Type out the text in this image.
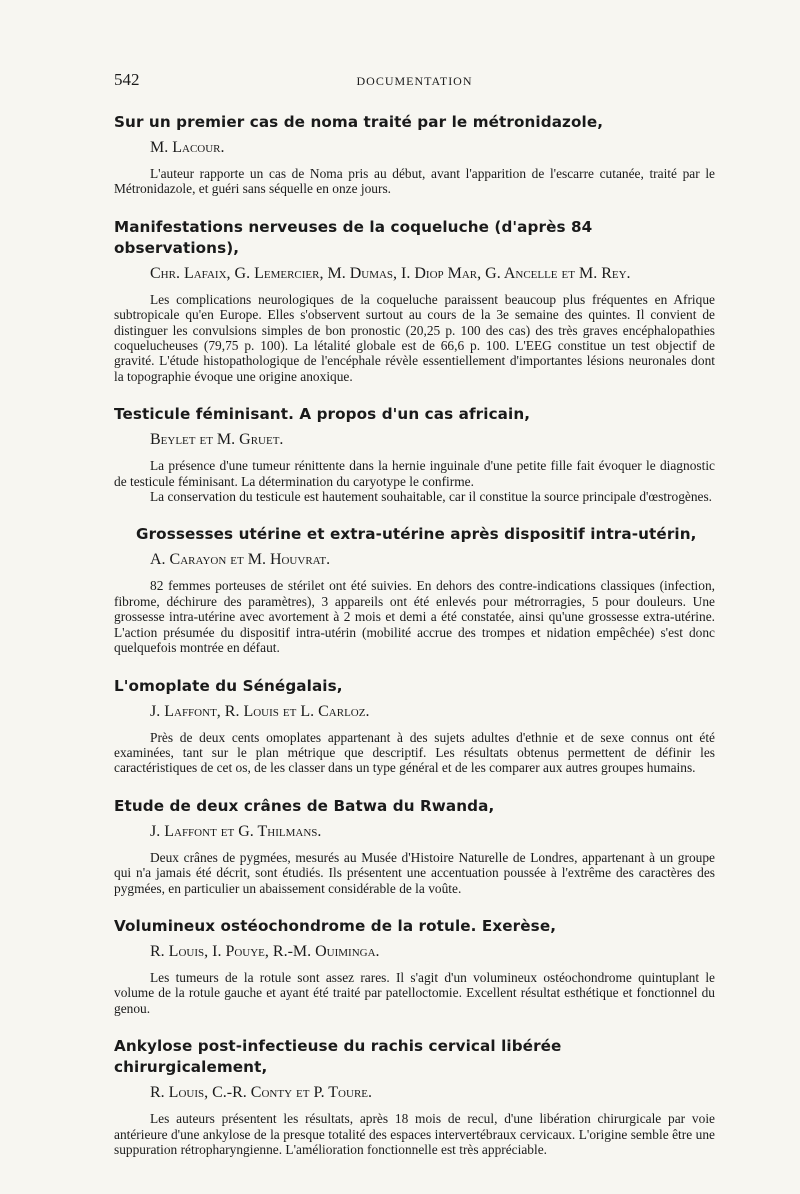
542	DOCUMENTATION
Sur un premier cas de noma traité par le métronidazole,
M. Lacour.

L'auteur rapporte un cas de Noma pris au début, avant l'apparition de l'escarre cutanée, traité par le Métronidazole, et guéri sans séquelle en onze jours.

Manifestations nerveuses de la coqueluche (d'après 84 observations),
Chr. Lafaix, G. Lemercier, M. Dumas, I. Diop Mar, G. Ancelle et M. Rey.

Les complications neurologiques de la coqueluche paraissent beaucoup plus fréquentes en Afrique subtropicale qu'en Europe. Elles s'observent surtout au cours de la 3e semaine des quintes. Il convient de distinguer les convulsions simples de bon pronostic (20,25 p. 100 des cas) des très graves encéphalopathies coquelucheuses (79,75 p. 100). La létalité globale est de 66,6 p. 100. L'EEG constitue un test objectif de gravité. L'étude histopathologique de l'encéphale révèle essentiellement d'importantes lésions neuronales dont la topographie évoque une origine anoxique.

Testicule féminisant. A propos d'un cas africain,
Beylet et M. Gruet.

La présence d'une tumeur rénittente dans la hernie inguinale d'une petite fille fait évoquer le diagnostic de testicule féminisant. La détermination du caryotype le confirme.

La conservation du testicule est hautement souhaitable, car il constitue la source principale d'œstrogènes.

Grossesses utérine et extra-utérine après dispositif intra-utérin,
A. Carayon et M. Houvrat.

82 femmes porteuses de stérilet ont été suivies. En dehors des contre-indications classiques (infection, fibrome, déchirure des paramètres), 3 appareils ont été enlevés pour métrorragies, 5 pour douleurs. Une grossesse intra-utérine avec avortement à 2 mois et demi a été constatée, ainsi qu'une grossesse extra-utérine. L'action présumée du dispositif intra-utérin (mobilité accrue des trompes et nidation empêchée) s'est donc quelquefois montrée en défaut.

L'omoplate du Sénégalais,
J. Laffont, R. Louis et L. Carloz.

Près de deux cents omoplates appartenant à des sujets adultes d'ethnie et de sexe connus ont été examinées, tant sur le plan métrique que descriptif. Les résultats obtenus permettent de définir les caractéristiques de cet os, de les classer dans un type général et de les comparer aux autres groupes humains.

Etude de deux crânes de Batwa du Rwanda,
J. Laffont et G. Thilmans.

Deux crânes de pygmées, mesurés au Musée d'Histoire Naturelle de Londres, appartenant à un groupe qui n'a jamais été décrit, sont étudiés. Ils présentent une accentuation poussée à l'extrême des caractères des pygmées, en particulier un abaissement considérable de la voûte.

Volumineux ostéochondrome de la rotule. Exerèse,
R. Louis, I. Pouye, R.-M. Ouiminga.

Les tumeurs de la rotule sont assez rares. Il s'agit d'un volumineux ostéochondrome quintuplant le volume de la rotule gauche et ayant été traité par patelloctomie. Excellent résultat esthétique et fonctionnel du genou.

Ankylose post-infectieuse du rachis cervical libérée chirurgicalement,
R. Louis, C.-R. Conty et P. Toure.

Les auteurs présentent les résultats, après 18 mois de recul, d'une libération chirurgicale par voie antérieure d'une ankylose de la presque totalité des espaces intervertébraux cervicaux. L'origine semble être une suppuration rétropharyngienne. L'amélioration fonctionnelle est très appréciable.
